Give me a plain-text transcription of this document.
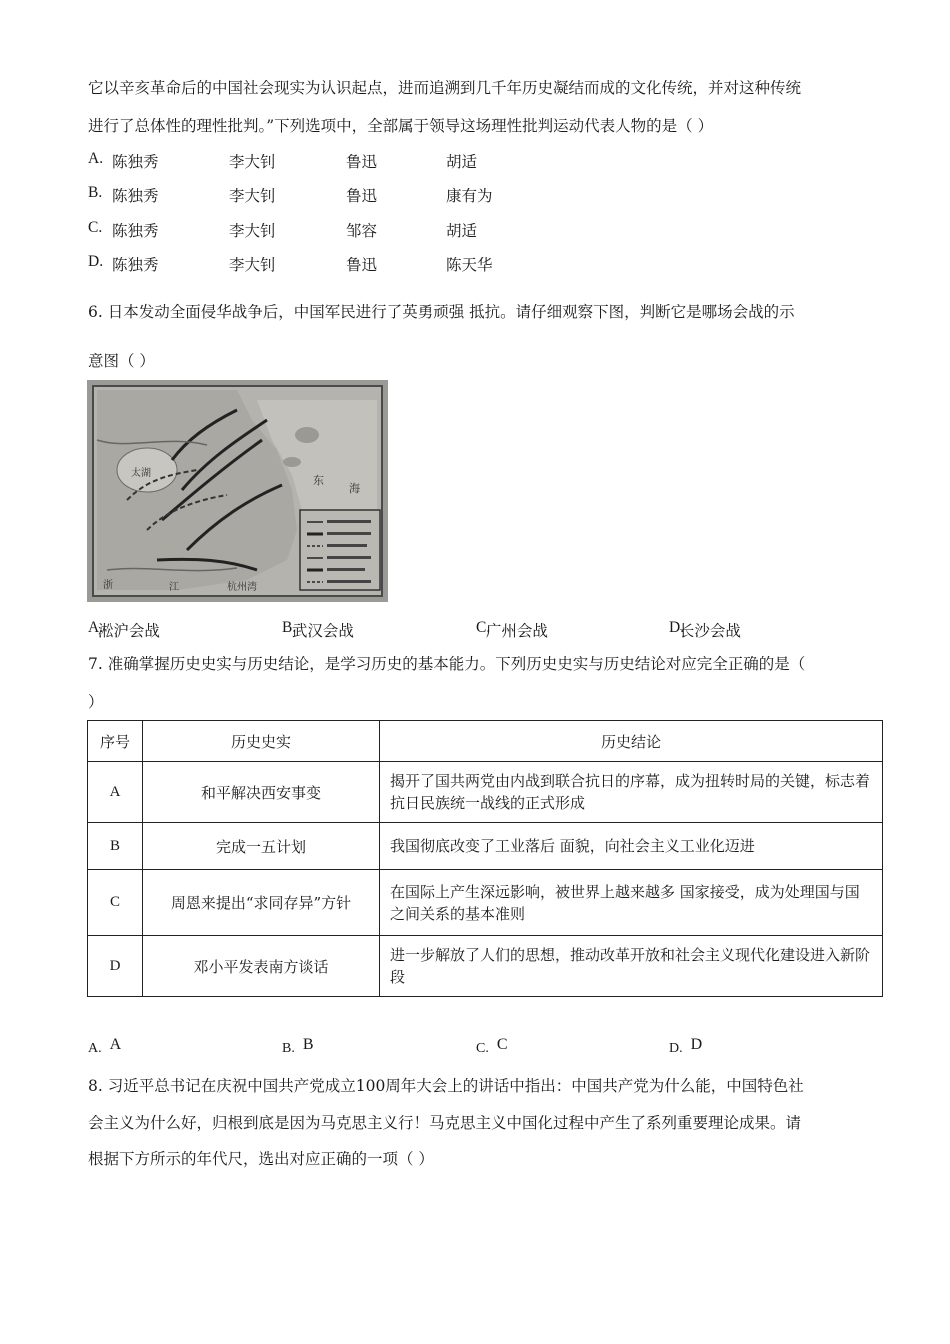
它以辛亥革命后的中国社会现实为认识起点，进而追溯到几千年历史凝结而成的文化传统，并对这种传统
进行了总体性的理性批判。”下列选项中，全部属于领导这场理性批判运动代表人物的是（ ）
A. 陈独秀	李大钊	鲁迅	胡适
B. 陈独秀	李大钊	鲁迅	康有为
C. 陈独秀	李大钊	邹容	胡适
D. 陈独秀	李大钊	鲁迅	陈天华
6. 日本发动全面侵华战争后，中国军民进行了英勇顽强 抵抗。请仔细观察下图，判断它是哪场会战的示
意图（ ）
东
海
太湖
浙	江	杭州湾
A.

淞沪会战	B.

武汉会战	C.

广州会战	D.

长沙会战
7. 准确掌握历史史实与历史结论，是学习历史的基本能力。下列历史史实与历史结论对应完全正确的是（
）
序号	历史史实	历史结论
A	和平解决西安事变	揭开了国共两党由内战到联合抗日的序幕，成为扭转时局的关键，标志着抗日民族统一战线的正式形成
B	完成一五计划	我国彻底改变了工业落后 面貌，向社会主义工业化迈进
C	周恩来提出“求同存异”方针	在国际上产生深远影响，被世界上越来越多 国家接受，成为处理国与国之间关系的基本准则
D	邓小平发表南方谈话	进一步解放了人们的思想，推动改革开放和社会主义现代化建设进入新阶段
A. A	B. B	C. C	D. D
8. 习近平总书记在庆祝中国共产党成立100周年大会上的讲话中指出：中国共产党为什么能，中国特色社
会主义为什么好，归根到底是因为马克思主义行！马克思主义中国化过程中产生了系列重要理论成果。请
根据下方所示的年代尺，选出对应正确的一项（ ）
